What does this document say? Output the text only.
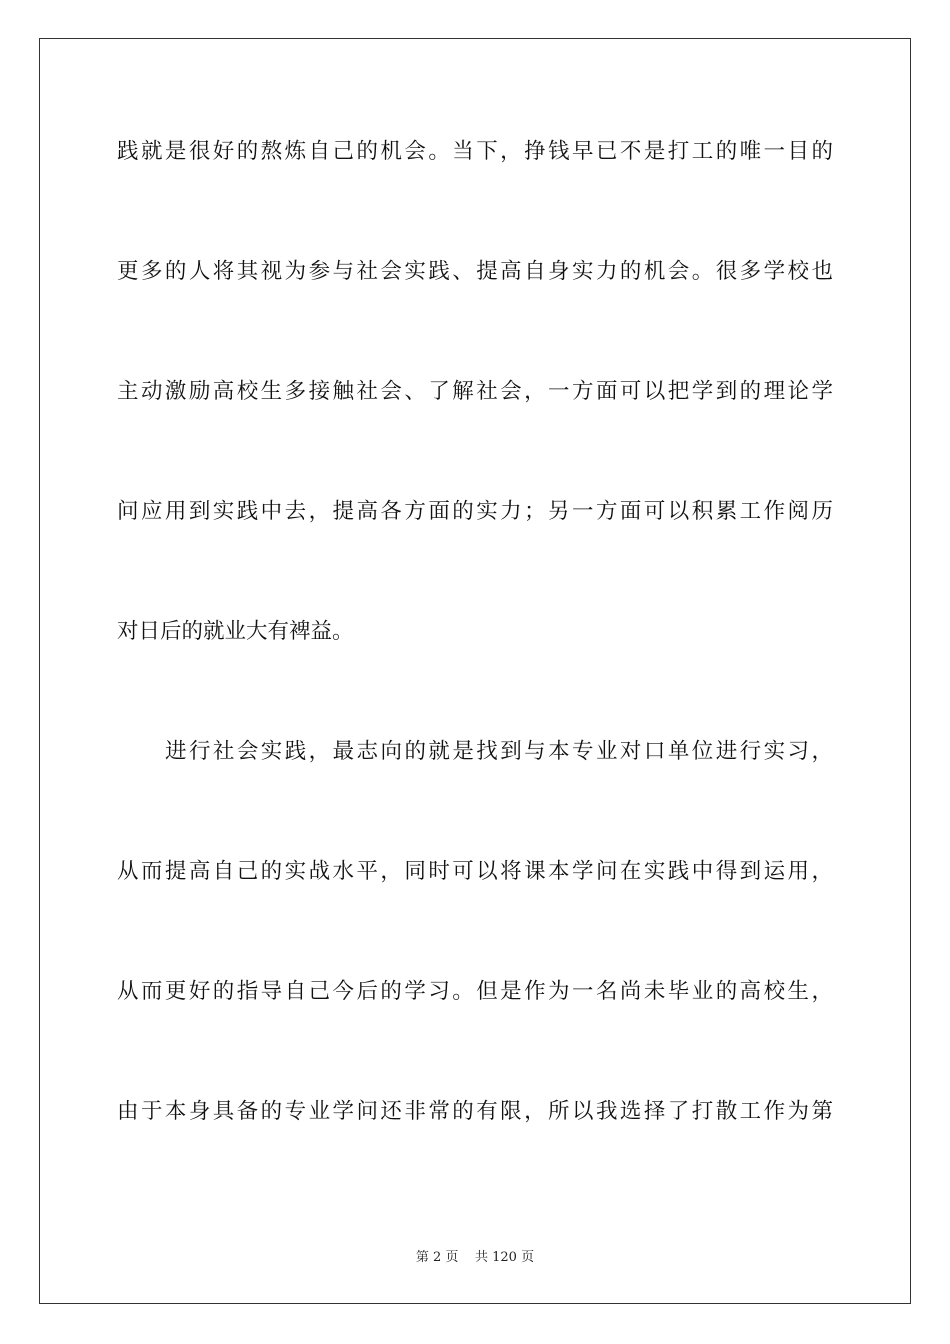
践就是很好的熬炼自己的机会。当下，挣钱早已不是打工的唯一目的
更多的人将其视为参与社会实践、提高自身实力的机会。很多学校也
主动激励高校生多接触社会、了解社会，一方面可以把学到的理论学
问应用到实践中去，提高各方面的实力；另一方面可以积累工作阅历
对日后的就业大有裨益。
进行社会实践，最志向的就是找到与本专业对口单位进行实习，
从而提高自己的实战水平，同时可以将课本学问在实践中得到运用，
从而更好的指导自己今后的学习。但是作为一名尚未毕业的高校生，
由于本身具备的专业学问还非常的有限，所以我选择了打散工作为第
第 2 页 共 120 页
